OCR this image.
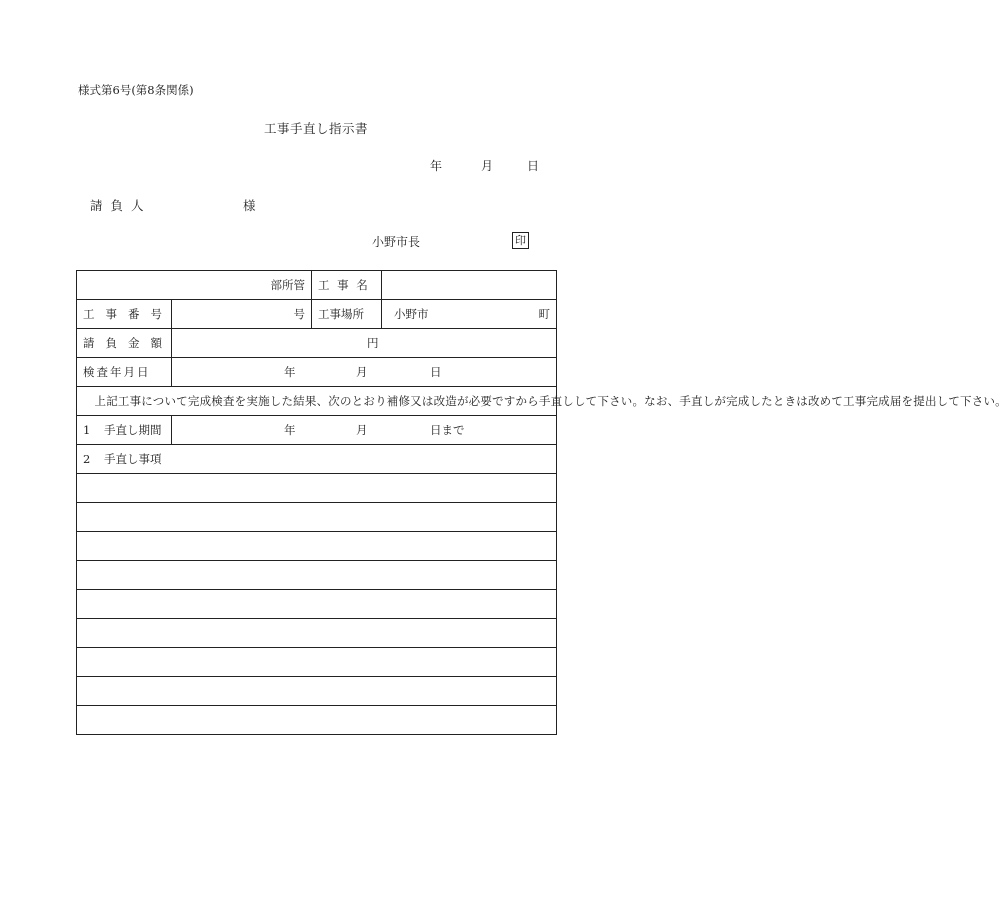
様式第6号(第8条関係)
工事手直し指示書
年	月	日
請 負 人	様
小野市長	印
部所管		工 事 名	
工事番号	号	工事場所	小野市 町

請負金額	円		
検査年月日	年 月 日		

上記工事について完成検査を実施した結果、次のとおり補修又は改造が必要ですから手直しして下さい。なお、手直しが完成したときは改めて工事完成届を提出して下さい。			

1 手直し期間	年 月 日まで		

2 手直し事項			
